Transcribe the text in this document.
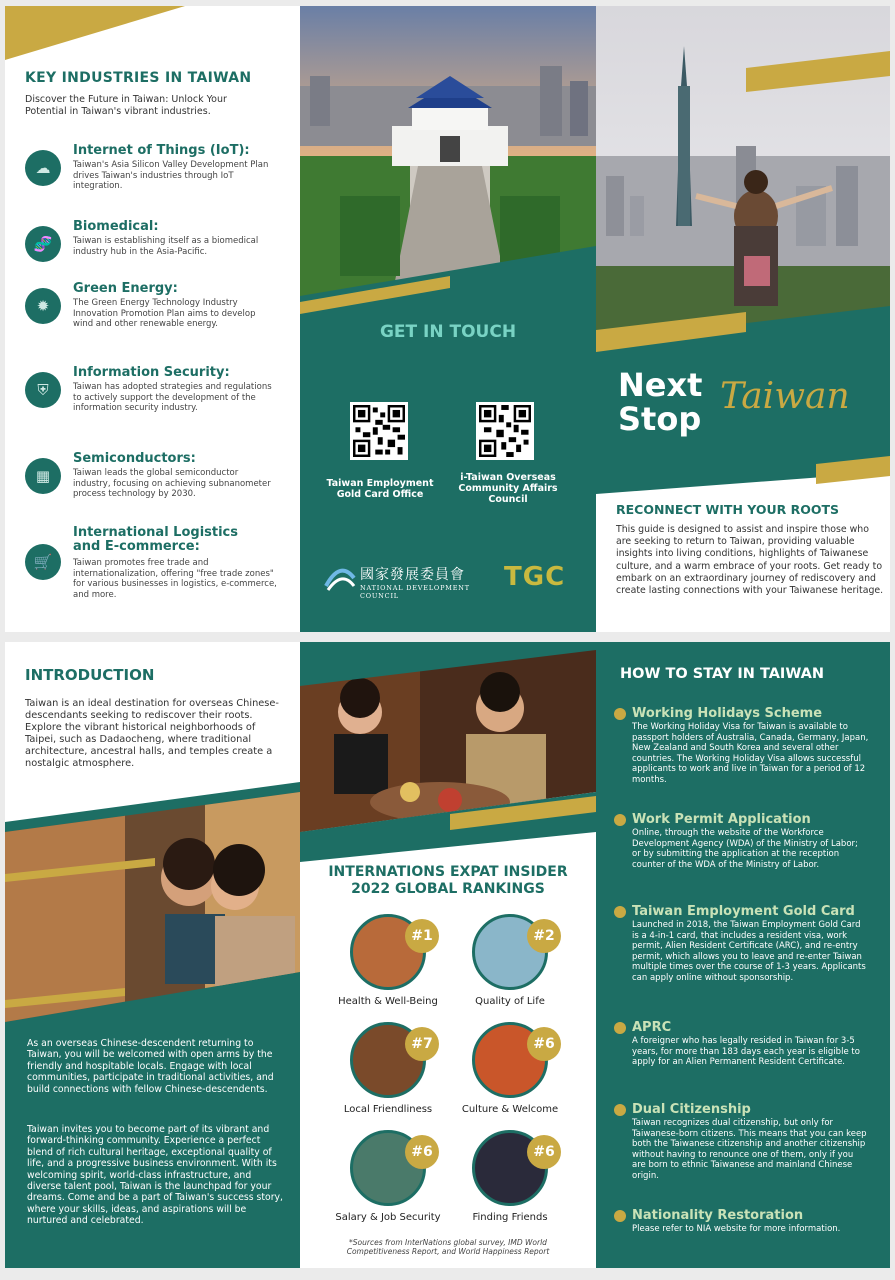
KEY INDUSTRIES IN TAIWAN
Discover the Future in Taiwan: Unlock Your Potential in Taiwan's vibrant industries.
☁
Internet of Things (IoT):
Taiwan's Asia Silicon Valley Development Plan drives Taiwan's industries through IoT integration.
🧬
Biomedical:
Taiwan is establishing itself as a biomedical industry hub in the Asia-Pacific.
✹
Green Energy:
The Green Energy Technology Industry Innovation Promotion Plan aims to develop wind and other renewable energy.
⛨
Information Security:
Taiwan has adopted strategies and regulations to actively support the development of the information security industry.
▦
Semiconductors:
Taiwan leads the global semiconductor industry, focusing on achieving subnanometer process technology by 2030.
🛒
International Logistics and E-commerce:
Taiwan promotes free trade and internationalization, offering "free trade zones" for various businesses in logistics, e-commerce, and more.
GET IN TOUCH
Taiwan Employment Gold Card Office
i-Taiwan Overseas Community Affairs Council
國家發展委員會
NATIONAL DEVELOPMENT COUNCIL
TGC
Next
Stop
Taiwan
RECONNECT WITH YOUR ROOTS
This guide is designed to assist and inspire those who are seeking to return to Taiwan, providing valuable insights into living conditions, highlights of Taiwanese culture, and a warm embrace of your roots. Get ready to embark on an extraordinary journey of rediscovery and create lasting connections with your Taiwanese heritage.
INTRODUCTION
Taiwan is an ideal destination for overseas Chinese-descendants seeking to rediscover their roots. Explore the vibrant historical neighborhoods of Taipei, such as Dadaocheng, where traditional architecture, ancestral halls, and temples create a nostalgic atmosphere.
As an overseas Chinese-descendent returning to Taiwan, you will be welcomed with open arms by the friendly and hospitable locals. Engage with local communities, participate in traditional activities, and build connections with fellow Chinese-descendents.
Taiwan invites you to become part of its vibrant and forward-thinking community. Experience a perfect blend of rich cultural heritage, exceptional quality of life, and a progressive business environment. With its welcoming spirit, world-class infrastructure, and diverse talent pool, Taiwan is the launchpad for your dreams. Come and be a part of Taiwan's success story, where your skills, ideas, and aspirations will be nurtured and celebrated.
INTERNATIONS EXPAT INSIDER
2022 GLOBAL RANKINGS
#1
Health & Well-Being
#2
Quality of Life
#7
Local Friendliness
#6
Culture & Welcome
#6
Salary & Job Security
#6
Finding Friends
*Sources from InterNations global survey, IMD World Competitiveness Report, and World Happiness Report
HOW TO STAY IN TAIWAN
Working Holidays Scheme
The Working Holiday Visa for Taiwan is available to passport holders of Australia, Canada, Germany, Japan, New Zealand and South Korea and several other countries. The Working Holiday Visa allows successful applicants to work and live in Taiwan for a period of 12 months.
Work Permit Application
Online, through the website of the Workforce Development Agency (WDA) of the Ministry of Labor; or by submitting the application at the reception counter of the WDA of the Ministry of Labor.
Taiwan Employment Gold Card
Launched in 2018, the Taiwan Employment Gold Card is a 4-in-1 card, that includes a resident visa, work permit, Alien Resident Certificate (ARC), and re-entry permit, which allows you to leave and re-enter Taiwan multiple times over the course of 1-3 years. Applicants can apply online without sponsorship.
APRC
A foreigner who has legally resided in Taiwan for 3-5 years, for more than 183 days each year is eligible to apply for an Alien Permanent Resident Certificate.
Dual Citizenship
Taiwan recognizes dual citizenship, but only for Taiwanese-born citizens. This means that you can keep both the Taiwanese citizenship and another citizenship without having to renounce one of them, only if you are born to ethnic Taiwanese and mainland Chinese origin.
Nationality Restoration
Please refer to NIA website for more information.
